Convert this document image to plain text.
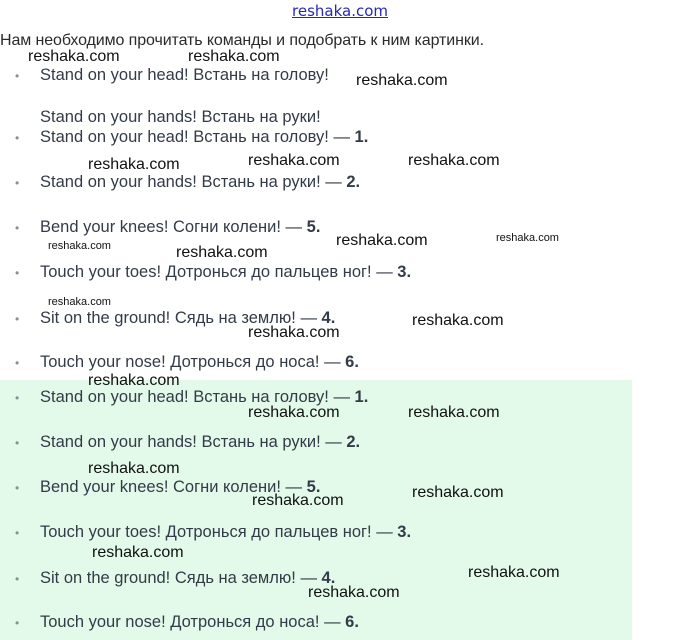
reshaka.com
Нам необходимо прочитать команды и подобрать к ним картинки.
• Stand on your head! Встань на голову!
Stand on your hands! Встань на руки!
• Stand on your head! Встань на голову! — 1.
• Stand on your hands! Встань на руки! — 2.
• Bend your knees! Согни колени! — 5.
• Touch your toes! Дотронься до пальцев ног! — 3.
• Sit on the ground! Сядь на землю! — 4.
• Touch your nose! Дотронься до носа! — 6.
• Stand on your head! Встань на голову! — 1.
• Stand on your hands! Встань на руки! — 2.
• Bend your knees! Согни колени! — 5.
• Touch your toes! Дотронься до пальцев ног! — 3.
• Sit on the ground! Сядь на землю! — 4.
• Touch your nose! Дотронься до носа! — 6.
reshaka.com	reshaka.com
reshaka.com
reshaka.com	reshaka.com	reshaka.com
reshaka.com	reshaka.com
reshaka.com	reshaka.com
reshaka.com
reshaka.com
reshaka.com
reshaka.com
reshaka.com	reshaka.com
reshaka.com
reshaka.com	reshaka.com
reshaka.com
reshaka.com
reshaka.com
